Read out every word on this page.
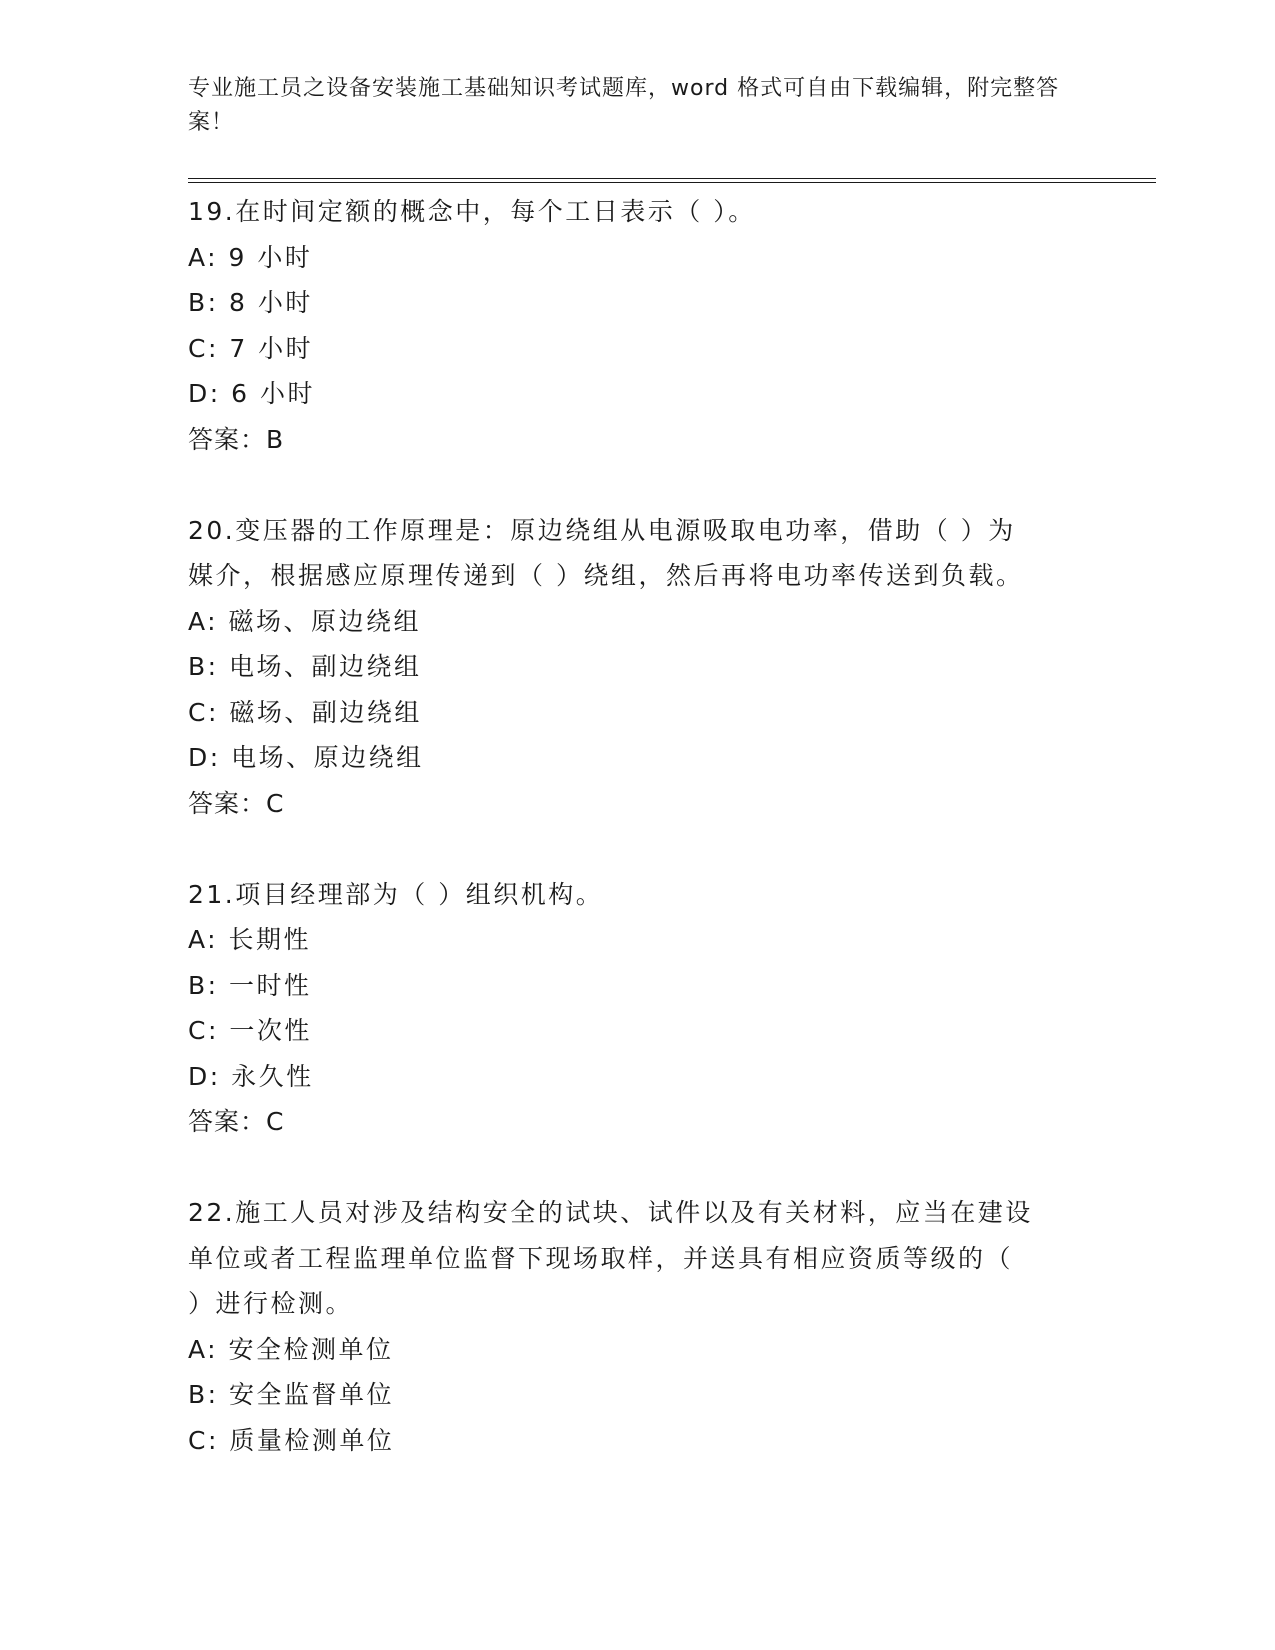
专业施工员之设备安装施工基础知识考试题库，word 格式可自由下载编辑，附完整答案！
19.在时间定额的概念中，每个工日表示（ ）。
A: 9 小时
B: 8 小时
C: 7 小时
D: 6 小时
答案：B
20.变压器的工作原理是：原边绕组从电源吸取电功率，借助（ ）为
媒介，根据感应原理传递到（ ）绕组，然后再将电功率传送到负载。
A: 磁场、原边绕组
B: 电场、副边绕组
C: 磁场、副边绕组
D: 电场、原边绕组
答案：C
21.项目经理部为（ ）组织机构。
A: 长期性
B: 一时性
C: 一次性
D: 永久性
答案：C
22.施工人员对涉及结构安全的试块、试件以及有关材料，应当在建设
单位或者工程监理单位监督下现场取样，并送具有相应资质等级的（
）进行检测。
A: 安全检测单位
B: 安全监督单位
C: 质量检测单位
